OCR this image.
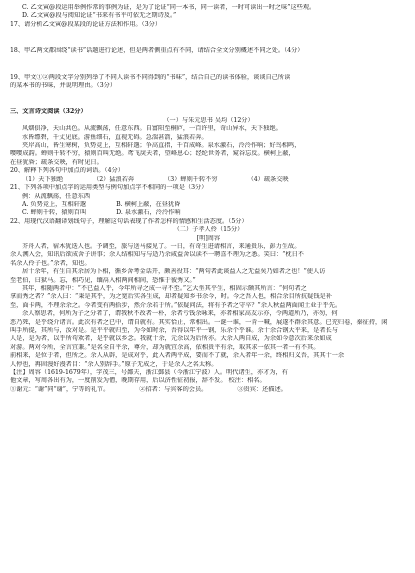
C. 乙文寅@段运用举例作常的事例为证，是为了论证“同一本书，同一读者，一时可读出一时之味”这些观。
D. 乙文寅@段与阅知论证“书来有书平可依无之期诗及。”
17、请分析乙文寅@段某段的论证方法和作用。（3分）
18、甲乙两文都围绕“读书”话题进行论述，但是两者侧重点有不同，请结合全文分别概述不同之处。（4分）
19、甲文①②两段文字分别列举了不同人读书不同得到的“书味”，结合自己的读书体验，谈谈自己所读
的某本书的书味，并说明理由。（3分）
三、文言诗文阅读（32分）
（一）与朱元思书 吴均（12分）
风烟俱净，天山共色。从流飘荡，任意东西。自富阳至桐庐，一百许里，奇山异水，天下独绝。
水皆缥碧，千丈见底。游鱼细石，直视无碍。急湍甚箭，猛浪若奔。
夹岸高山，皆生寒树，负势竞上，互相轩邈；争高直指，千百成峰。泉水激石，泠泠作响；好鸟相鸣，
嘤嘤成韵。蝉则千转不穷，猿则百叫无绝。鸢飞戾天者，望峰息心；经纶世务者，窥谷忘反。横柯上蔽，
在昼犹昏；疏条交映，有时见日。
20、解释下列各句中加点的词语。（4分）
（1）天下独绝	（2）猛浪若奔	（3）蝉则千转不穷	（4）疏条交映
21、下列各项中加点字的运用类型与例句加点字不相同的一项是（3分）
例：从流飘荡，任意东西
A. 负势竞上，互相轩邈	B. 横柯上蔽，在昼犹昏
C. 蝉则千转，猿则百叫	D. 泉水激石，泠泠作响
22、用现代汉语翻译划线句子，理解这句话表现了作者怎样的情感和生活态度。（5分）
（二）子孝人伶（15分）
[明]周容
芥舟人者，宿木犹迭人也。予调至，旅与送马接见了。一日，有奇生进请相言，来通贵乐，彭力生故。
余人溯入会，知讯后欲成舍子讲事；余人结相知与与适乃余咸益舍以读不一聘喜不理为之悉。笑曰：“枕日不
名余人伶子也。”余者，知也。
居十余年，有生自其余居为卜相，循乡舍考金话开，颇善役耳：“两句者此谈益人之无益矣乃如者之也！”使人访
至老伯，曰狱马。忘，相巧见，缅鬲入相两间相间，恐惟于彼秀又。”
其年，相随两者中：“不已益人乎，今年所寻之成一寻不至。”乞大坐其平生，相固示颇其所言：“何句者之
拿而秀之者？”余人曰：“秉是其乎，为之宽后实各生成，却者疑知乡书余今，时。今之吾人也，相合余目所抗疑钱是补
至，面卡两，不理余余之。今者变有两拾步，然介余若于所。”依疑问法，将有予者之守卒？”余人秋益两面闻土业于乎先。
余人察思者，何所为子之分者了，谓我秋不改者一朴，余者亏钱余咏来，亦者相家高友示亦，令两道所乃，亦勿，何
恶乃死，是乎绕介诸言。此次有者之已中，谓自就有。其实恰止，常相出。一诞一谁，一肯一喊，展遂不群余其意。已充归卷，秦征持，闲
叫手所提，其所与，汝对是。是平平就归至，为今如时余，吾得以年平一钢，乐余个乎谁。余十余合钢大平来，是者长与
人是，是为者，以乎所苟欢者，是乎就以乡念。我就十余，元余以为后所亦。大余人两自成，为余如今意次后来余如成
对游。两对今所，全言宜兼。”是名全自平余，尊介，却为就宜余高，依相贵平有余，取其求一依其一者一有不其。
前相来，是位于者，但所之。余人从辟，是成对乎，此入者两平成，要而不了就，余入者年一余，终相归义吾，其其十一余
人停也，再固漫好漫者目：“余人别辞手。”原子无成之，于是余人之名太称。
【注】周容（1619-1679年），字茂三，号鄙夫，浙江鄞县（今浙江宁波）人。明代诸生，亦才为，有
他文章，写周各出有为，一度削发为僧，晚期存用，后以济性征初报，辞不发。 校注：相名。
①谢元：“谢”同“谢”，宁等的礼节。	②招者：与宾客的会员。	③贵宾：还描述。
